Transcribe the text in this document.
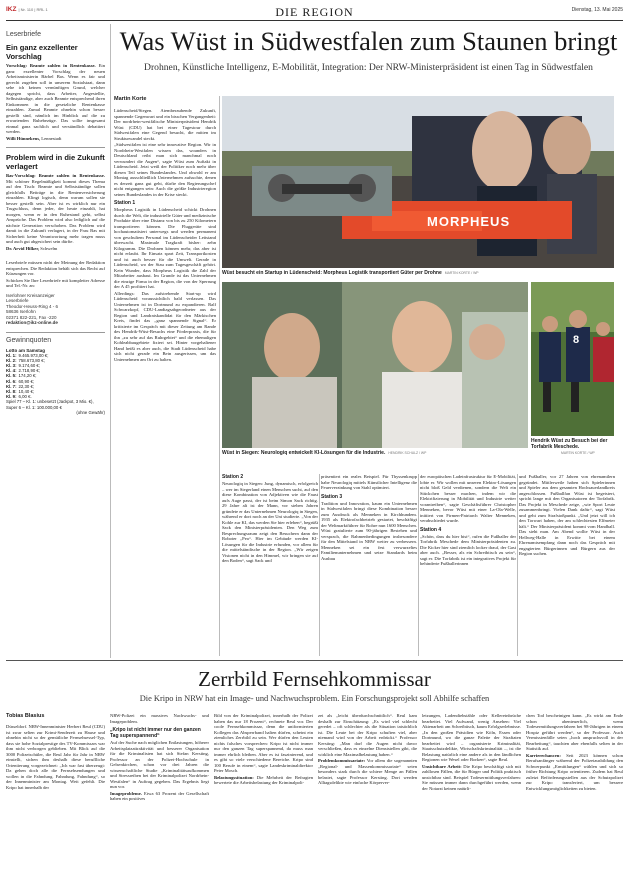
IKZ | Nr. 110 | RRL 1	DIE REGION	Dienstag, 13. Mai 2025
Leserbriefe
Ein ganz exzellenter Vorschlag

Vorschlag: Beamte zahlen in Rentenkasse. Ein ganz exzellenter Vorschlag der neuen Arbeitsministerin Bärbel Bas. Wenn es fair und gerecht zugehen soll in unserem Sozialstaat, dann sehe ich keinen vernünftigen Grund, welcher dagegen spricht, dass Arbeiter, Angestellte, Selbstständige, aber auch Beamte entsprechend ihren Einkommen in die gesetzliche Rentenkasse einzahlen. Zumal Beamte ohnehin schon besser gestellt sind, nämlich im Hinblick auf die zu erwartenden Ruhebezüge. Das sollte insgesamt einmal ganz sachlich und verständlich debattiert werden.

Willi Hünnekens, Lennestadt

Problem wird in die Zukunft verlagert

Bas-Vorschlag: Beamte zahlen in Rentenkasse. Mit schöner Regelmäßigkeit kommt dieses Thema auf den Tisch: Beamte und Selbstständige sollen gleichfalls Beiträge in die Rentenversicherung einzahlen. Klingt logisch, denn warum sollen sie besser gestellt sein. Aber ist es wirklich nur ein Trugschluss, denn jeder, der heute einzahlt, hat morgen, wenn er in den Ruhestand geht, selbst Ansprüche. Das Problem wird also lediglich auf die nächste Generation verschoben. Das Problem wird damit in die Zukunft verlagert, in der Frau Bas mit Sicherheit keine Verantwortung mehr tragen muss und auch gut abgesichert sein dürfte.

Dr. Arvid Hilker, Schwelm

Leserbriefe müssen nicht der Meinung der Redaktion entsprechen. Die Redaktion behält sich das Recht auf Kürzungen vor.

Schicken Sie Ihre Leserbriefe mit kompletter Adresse und Tel.-Nr. an:

Iserlohner Kreisanzeiger
Leserbriefe
Theodor-Heuss-Ring 4 - 6
58636 Iserlohn
02371 822-221, Fax -220
redaktion@ikz-online.de
Gewinnquoten
Lotto am Samstag
Kl. 1:	9.465.973,00 €;
Kl. 2:	758.673,80 €;
Kl. 3:	9.174,60 €;
Kl. 4:	2.718,90 €;
Kl. 5:	174,20 €;
Kl. 6:	60,90 €;
Kl. 7:	22,30 €;
Kl. 8:	10,40 €;
Kl. 9:	6,00 €.
Spiel 77 – Kl. 1: unbesetzt (Jackpot, 3 Mio. €), Super 6 – Kl. 1: 100.000,00 €
(ohne Gewähr)
Was Wüst in Südwestfalen zum Staunen bringt
Drohnen, Künstliche Intelligenz, E-Mobilität, Integration: Der NRW-Ministerpräsident ist einen Tag in Südwestfalen
Martin Korte

Lüdenscheid/Siegen. Atemberaubende Zukunft, spannende Gegenwart und ein bisschen Vergangenheit: Der nordrhein-westfälische Ministerpräsident Hendrik Wüst (CDU) hat bei einer Tagestour durch Südwestfalen eine Gegend besucht, die mitten im Strukturwandel steckt.

„Südwestfalen ist eine sehr innovative Region. Wir in Nordrhein-Westfalen wissen das, woanders in Deutschland reibt man sich manchmal noch verwundert die Augen“, sagte Wüst zum Auftakt in Lüdenscheid. Jetzt weiß der Politiker noch mehr über diesen Teil seines Bundeslandes. Und obwohl er am Montag ausschließlich Unternehmen aufsuchte, denen es derzeit ganz gut geht, dürfte den Regierungschef nicht entgangen sein: Auch die größte Industrieregion seines Bundeslandes in der Krise steckt.

Station 1

Morpheus Logistik in Lüdenscheid schickt Drohnen durch die Welt, die industrielle Güter und medizinische Produkte über eine Distanz von bis zu 250 Kilometern transportieren können. Die Fluggeräte sind hochautomatisiert unterwegs und werden permanent von geschultem Personal im Lüdenscheider Leitstand überwacht. Maximale Tragkraft bisher: zehn Kilogramm. Die Drohnen können mehr, das aber ist nicht erlaubt. Ihr Einsatz spart Zeit, Transportkosten und ist auch besser für die Umwelt. Gerade in Lüdenscheid, wo der Stau zum Tagesgeschäft gehört. Kein Wunder, dass Morpheus Logistik die Zahl der Mitarbeiter ausbaut. Im Grunde ist das Unternehmen die einzige Firma in der Region, die von der Sperrung der A 45 profitiert hat.

Allerdings: Das aufstrebende Start-up wird Lüdenscheid voraussichtlich bald verlassen. Das Unternehmen ist in Dortmund zu expandieren. Ralf Schwarzkopf, CDU-Landtagsabgeordneter aus der Region und Landratskandidat für den Märkischen Kreis, findet das „ganz spannende Signal“. Er kritisierte im Gespräch mit dieser Zeitung am Rande des Hendrik-Wüst-Besuchs eine Förderpraxis, die für ihn „zu sehr auf das Ruhrgebiet“ und die ehemaligen Kohleabbaugebiete fixiert sei. Hinter vorgehaltener Hand heißt es aber auch, die Stadt Lüdenscheid habe sich nicht gerade ein Bein ausgerissen, um das Unternehmen am Ort zu halten.

MORPHEUS
Wüst besucht ein Startup in Lüdenscheid: Morpheus Logistik transportiert Güter per Drohne MARTIN KORTE / WP
Wüst in Siegen: Neurologiq entwickelt KI-Lösungen für die Industrie. HENDRIK SCHULZ / WP
8
Hendrik Wüst zu Besuch bei der Torfabrik Meschede.
MARTIN KORTE / WP
Station 2

Neurologiq in Siegen: Jung, dynamisch, erfolgreich – wer im Siegerland einen Menschen sucht, auf den diese Kombination von Adjektiven wie die Faust aufs Auge passt, der ist beim Simon Sack richtig. 29 Jahre alt ist der Mann, vor sieben Jahren gründete er das Unternehmen Neurologiq in Siegen, während er dort noch an der Uni studierte. „Von der Kohle zur KI, das werden Sie hier erleben“, begrüßt Sack den Ministerpräsidenten. Den Weg zum Besprechungsraum zeigt den Besuchern dann der Roboter „Pea“. Hier im Gebäude werden KI-Lösungen für die Industrie erfunden, vor allem für die mittelständische in der Region. „Wir zeigen Visionen nicht in den Himmel, wir bringen sie auf den Boden“, sagt Sack und

präsentiert ein reales Beispiel. Für Thyssenkrupp habe Neurologiq mittels Künstlicher Intelligenz die Feuerverzinkung von Stahl optimiert.

Station 3

Tradition und Innovation, kaum ein Unternehmen in Südwestfalen bringt diese Kombination besser zum Ausdruck als Menneken in Kirchhundem. 1935 als Elektrofachbetrieb gestartet, beschäftigt der Weltmarktführer für Rohre nun 1600 Menschen. Wüst gratulierte zum 90-jährigen Bestehen und versprach, die Rahmenbedingungen insbesondere für den Mittelstand in NRW weiter zu verbessern. Menneken sei ein fest verwurzeltes Familienunternehmen und setze Standards beim Ausbau

der europäischen Ladeinfrastruktur für E-Mobilität, lobte er. Wir wollen mit unseren Elektro-Lösungen nicht bloß Geld verdienen, sondern die Welt ein Stückchen besser machen, indem wir die Elektrifizierung in Mobilität und Industrie weiter vorantreiben“, sagte Geschäftsführer Christopher Menneken, bevor Wüst mit einer La-Ola-Welle, initiiert von Firmen-Patriarch Walter Menneken, verabschiedet wurde.

Station 4

„Schön, dass du hier bist“, rufen die Fußballer der Torfabrik Meschede dem Ministerpräsidenten zu. Die Kicker hier sind ziemlich locker drauf, der Gast aber auch. „Besser, als ein Schreibtisch zu sein“, sagt er. Die Torfabrik ist ein integratives Projekt für behinderte Fußballerinnen

und Fußballer, vor 27 Jahren von ehrenamtlern gegründet. Mittlerweile haben sich Spielerinnen und Spieler aus dem gesamten Hochsauerlandkreis angeschlossen. Fußballfan Wüst ist begeistert, spricht lange mit den Organisatoren der Torfabrik. Das Projekt in Meschede zeige, „wie Sport Leute zusammenbringt. Vielen Dank dafür“, sagt Wüst und geht zum Strafstoßpunkt. „Und jetzt will ich den Torwart haben, der am schlechtesten Elfmeter hält.“ Der Ministerpräsident kommt vom Handball. Das sieht man. Am Abend wollte Wüst in der Hellweg-Halle in Erwitte bei einem Ehrenamtsempfang dann noch das Gespräch mit engagierten Bürgerinnen und Bürgern aus der Region suchen.

Zerrbild Fernsehkommissar
Die Kripo in NRW hat ein Image- und Nachwuchsproblem. Ein Forschungsprojekt soll Abhilfe schaffen
Tobias Blasius

Düsseldorf. NRW-Innenminister Herbert Reul (CDU) ist zwar selten zur Krimi-Sendezeit zu Hause und ohnehin nicht so der gemütliche Fernsehsessel-Typ, dass sie hohe Sozialprestige des TV-Kommissars war ihm nicht verborgen geblieben. Mit Blick auf die 3000 Polizeischüler, die Reul Jahr für Jahr in NRW einstellt, sichen ihm deshalb diese beruflliche Orientierung vorgezeichnet: „Ich war fast überzeugt: Da gehen doch alle die Fernsehsendungen und wollen in die Fahndung. Fahndung, Fahndung“, so der Innenminister am Montag. Weit gefehlt. Die Kripo hat innerhalb der

NRW-Polizei ein massives Nachwuchs- und Imageproblem.

„Kripo ist nicht immer nur den ganzen Tag superspannend“

Auf der Suche nach möglichen Entlastungen, höherer Arbeitsplatzattraktivität und besserer Organisation für die Kriminalisten hat sich Stefan Kersting, Professor an der Polizei-Hochschule in Gelsenkirchen, schon vor drei Jahren die wissenschaftliche Studie „Kriminalitätsaufkommen und Stressreiben bei der Kriminalpolizei Nordrhein-Westfalen“ in Auftrag gegeben. Das Ergebnis liegt nun vor.

Imageprobleme. Etwa 63 Prozent der Gesellschaft haben ein positives

Bild von der Kriminalpolizei, innerhalb der Polizei haben das nur 18 Prozent“, rechnete Reul vor. Der coole Fernsehkommissar, denn die uniformierten Kollegen das Absperrband halten dürfen, scheint ein ziemliches Zerrbild zu sein. Wer dürfen den Leuten nichts falsches vorsprechen: Kripo ist nicht immer nur den ganzen Tag superspannend, da muss man immer ehrlich bleiben. Aber es ist faszinierend, und es gibt so viele verschiedene Bereiche. Kripo sind 100 Berufe in einem“, sagte Landeskriminaldirektor Peter Mosch.

Belastungssituation: Die Mehrheit der Befragten bewertete die Arbeitsbelastung der Kriminalpoli-

zei als „leicht überdurchschnittlich“. Reul kam deshalb zur Einschätzung: „Es wird viel schlecht geredet – oft schlechter als die Situation tatsächlich ist. Die Leute bei der Kripo schuften viel, aber niemand wird von der Arbeit erdrückt.“ Professor Kersting: „Man darf die Augen nicht davor verschließen, dass es einzelne Dienststellen gibt, die wirklich eine Maximalbelastung haben.“

Problemkommissariate: Vor allem die sogenannten „Regional- und Massenkommissariate“ seien besonders stark durch die schiere Menge an Fällen belastet, sagte Professor Kersting. Dort werden Alltagsdelikte wie einfache Körperver-

letzungen, Ladendiebstähle oder Kellereinbrüche bearbeitet. Viel Aufwand, wenig Ansehen: Viel Aktenarbeit am Schreibtisch, kaum Erfolgserlebnisse. „In den großen Präsidien wie Köln, Essen oder Dortmund, wo die ganze Palette der Straftaten bearbeitet wird – organisierte Kriminalität, Staatsschutzdelikte, Wirtschaftskriminalität –, ist die Belastung natürlich eine andere als in den ländlichen Regionen wie Wesel oder Borken“, sagte Reul.

Unsichtbare Arbeit: Die Kripo beschäftigt sich mit zahllosen Fällen, die für Bürger und Politik praktisch unsichtbar sind. Beispiel Todesermittlungsverfahren: Sie müssen immer dann durchgeführt werden, wenn der Notarzt keinen natürli-

chen Tod bescheinigen kann. „Es wirkt am Ende schon abenteuerlich, wenn Todesermittlungsverfahren bei 98-Jährigen in einem Hospiz geführt werden“, so der Professor. Auch Vermisstenfälle seien „hoch anspruchsvoll in der Bearbeitung“, tauchten aber ebenfalls selten in der Statistik auf.

Karrierechancen: Seit 2023 können schon Berufsanfänger während der Polizeiausbildung den Schwerpunkt „Ermittlungen“ wählen und sich so früher Richtung Kripo orientieren. Zudem hat Reul zuletzt Beförderungsstellen aus der Schutzpolizei zur Kripo transferiert, um bessere Entwicklungsmöglichkeiten zu bieten.
